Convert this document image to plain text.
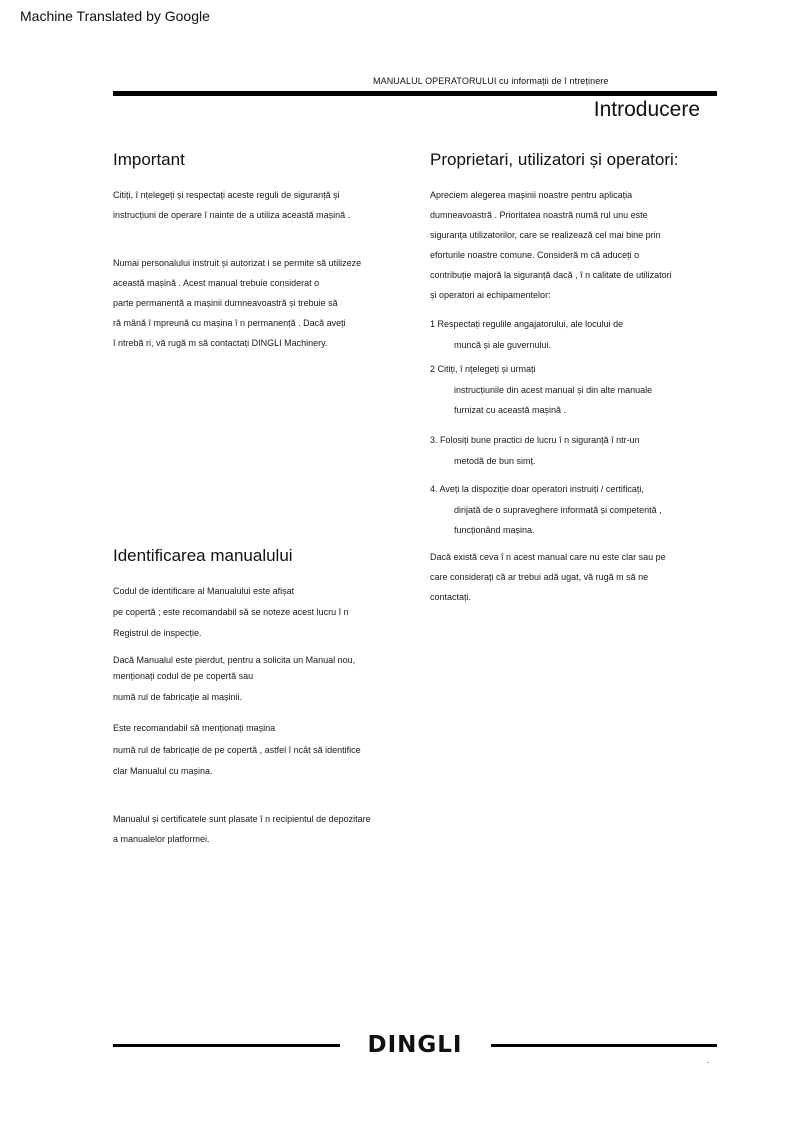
Machine Translated by Google
MANUALUL OPERATORULUI cu informații de î ntreținere
Introducere
Important

Citiți, î nțelegeți și respectați aceste reguli de siguranță și

instrucțiuni de operare î nainte de a utiliza această mașină .

Numai personalului instruit și autorizat i se permite să utilizeze

această mașină . Acest manual trebuie considerat o

parte permanentă a mașinii dumneavoastră și trebuie să

ră mână î mpreună cu mașina î n permanență . Dacă aveți

î ntrebă ri, vă rugă m să contactați DINGLI Machinery.

Proprietari, utilizatori și operatori:

Apreciem alegerea mașinii noastre pentru aplicația

dumneavoastră . Prioritatea noastră numă rul unu este

siguranța utilizatorilor, care se realizează cel mai bine prin

eforturile noastre comune. Consideră m că aduceți o

contribuție majoră la siguranță dacă , î n calitate de utilizatori

și operatori ai echipamentelor:

1 Respectați regulile angajatorului, ale locului de

muncă și ale guvernului.

2 Citiți, î nțelegeți și urmați

instrucțiunile din acest manual și din alte manuale

furnizat cu această mașină .

3. Folosiți bune practici de lucru î n siguranță î ntr-un

metodă de bun simț.

4. Aveți la dispoziție doar operatori instruiți / certificați,

dirijată de o supraveghere informată și competentă ,

funcționând mașina.

Dacă există ceva î n acest manual care nu este clar sau pe

care considerați că ar trebui adă ugat, vă rugă m să ne

contactați.

Identificarea manualului

Codul de identificare al Manualului este afișat

pe copertă ; este recomandabil să se noteze acest lucru î n

Registrul de inspecție.

Dacă Manualul este pierdut, pentru a solicita un Manual nou,

menționați codul de pe copertă sau

numă rul de fabricație al mașinii.

Este recomandabil să menționați mașina

numă rul de fabricație de pe copertă , astfel î ncât să identifice

clar Manualul cu mașina.

Manualul și certificatele sunt plasate î n recipientul de depozitare

a manualelor platformei.

DINGLI
.
